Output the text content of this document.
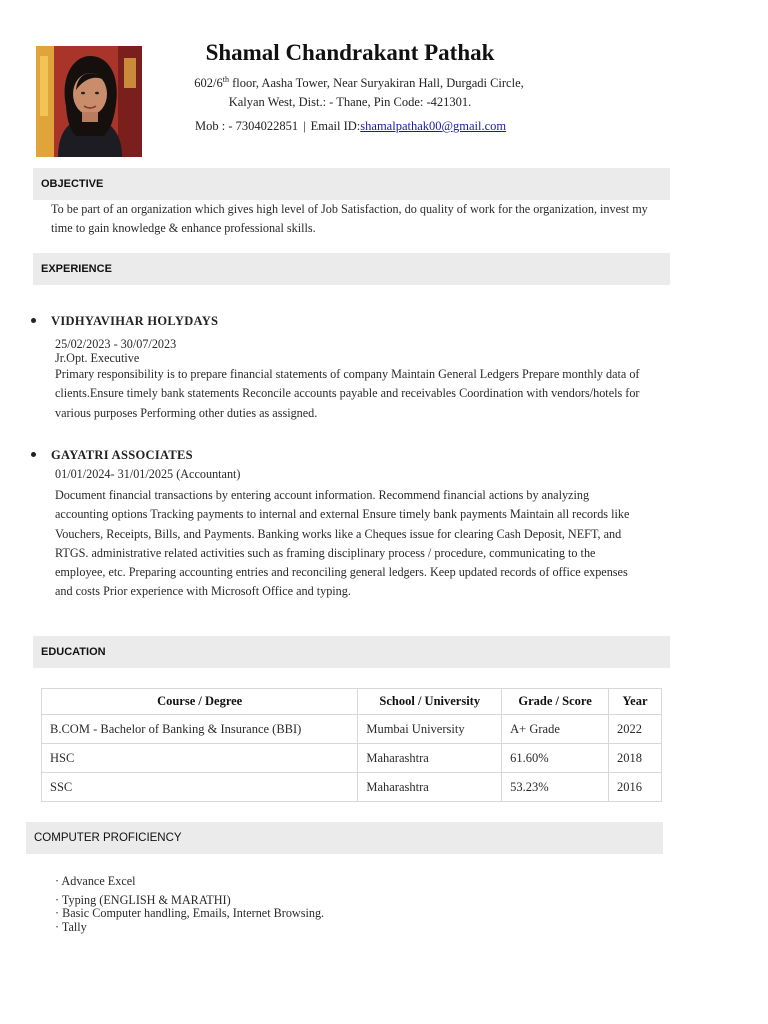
Shamal Chandrakant Pathak
602/6th floor, Aasha Tower, Near Suryakiran Hall, Durgadi Circle,
Kalyan West, Dist.: - Thane, Pin Code: -421301.
Mob : - 7304022851 | Email ID:shamalpathak00@gmail.com
OBJECTIVE
To be part of an organization which gives high level of Job Satisfaction, do quality of work for the organization, invest my
time to gain knowledge & enhance professional skills.
EXPERIENCE
VIDHYAVIHAR HOLYDAYS
25/02/2023 - 30/07/2023
Jr.Opt. Executive
Primary responsibility is to prepare financial statements of company Maintain General Ledgers Prepare monthly data of
clients.Ensure timely bank statements Reconcile accounts payable and receivables Coordination with vendors/hotels for
various purposes Performing other duties as assigned.
GAYATRI ASSOCIATES
01/01/2024- 31/01/2025 (Accountant)
Document financial transactions by entering account information. Recommend financial actions by analyzing
accounting options Tracking payments to internal and external Ensure timely bank payments Maintain all records like
Vouchers, Receipts, Bills, and Payments. Banking works like a Cheques issue for clearing Cash Deposit, NEFT, and
RTGS. administrative related activities such as framing disciplinary process / procedure, communicating to the
employee, etc. Preparing accounting entries and reconciling general ledgers. Keep updated records of office expenses
and costs Prior experience with Microsoft Office and typing.
EDUCATION
Course / Degree	School / University	Grade / Score	Year
B.COM - Bachelor of Banking & Insurance (BBI)	Mumbai University	A+ Grade	2022
HSC	Maharashtra	61.60%	2018
SSC	Maharashtra	53.23%	2016
COMPUTER PROFICIENCY
· Advance Excel
· Typing (ENGLISH & MARATHI)
· Basic Computer handling, Emails, Internet Browsing.
· Tally
